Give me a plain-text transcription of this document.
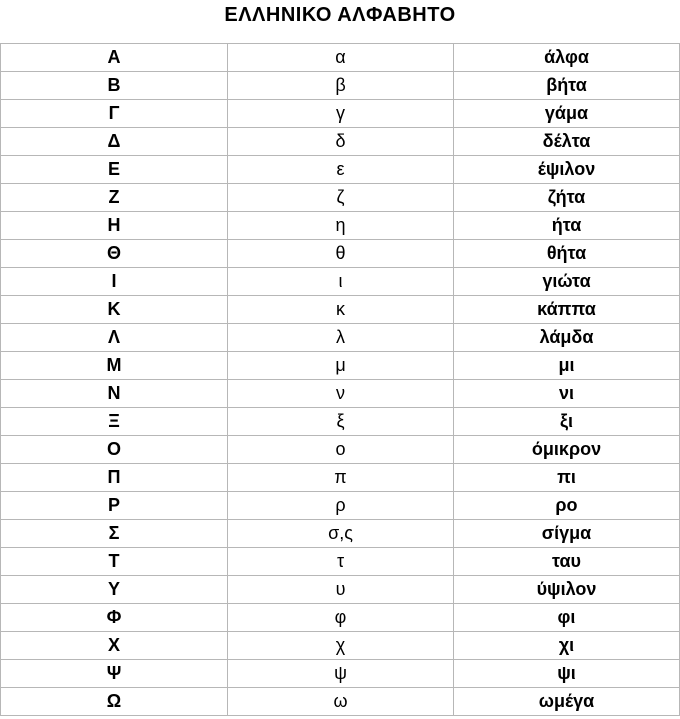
ΕΛΛΗΝΙΚΟ ΑΛΦΑΒΗΤΟ
Α	α	άλφα
Β	β	βήτα
Γ	γ	γάμα
Δ	δ	δέλτα
Ε	ε	έψιλον
Ζ	ζ	ζήτα
Η	η	ήτα
Θ	θ	θήτα
Ι	ι	γιώτα
Κ	κ	κάππα
Λ	λ	λάμδα
Μ	μ	μι
Ν	ν	νι
Ξ	ξ	ξι
Ο	ο	όμικρον
Π	π	πι
Ρ	ρ	ρο
Σ	σ,ς	σίγμα
Τ	τ	ταυ
Υ	υ	ύψιλον
Φ	φ	φι
Χ	χ	χι
Ψ	ψ	ψι
Ω	ω	ωμέγα
